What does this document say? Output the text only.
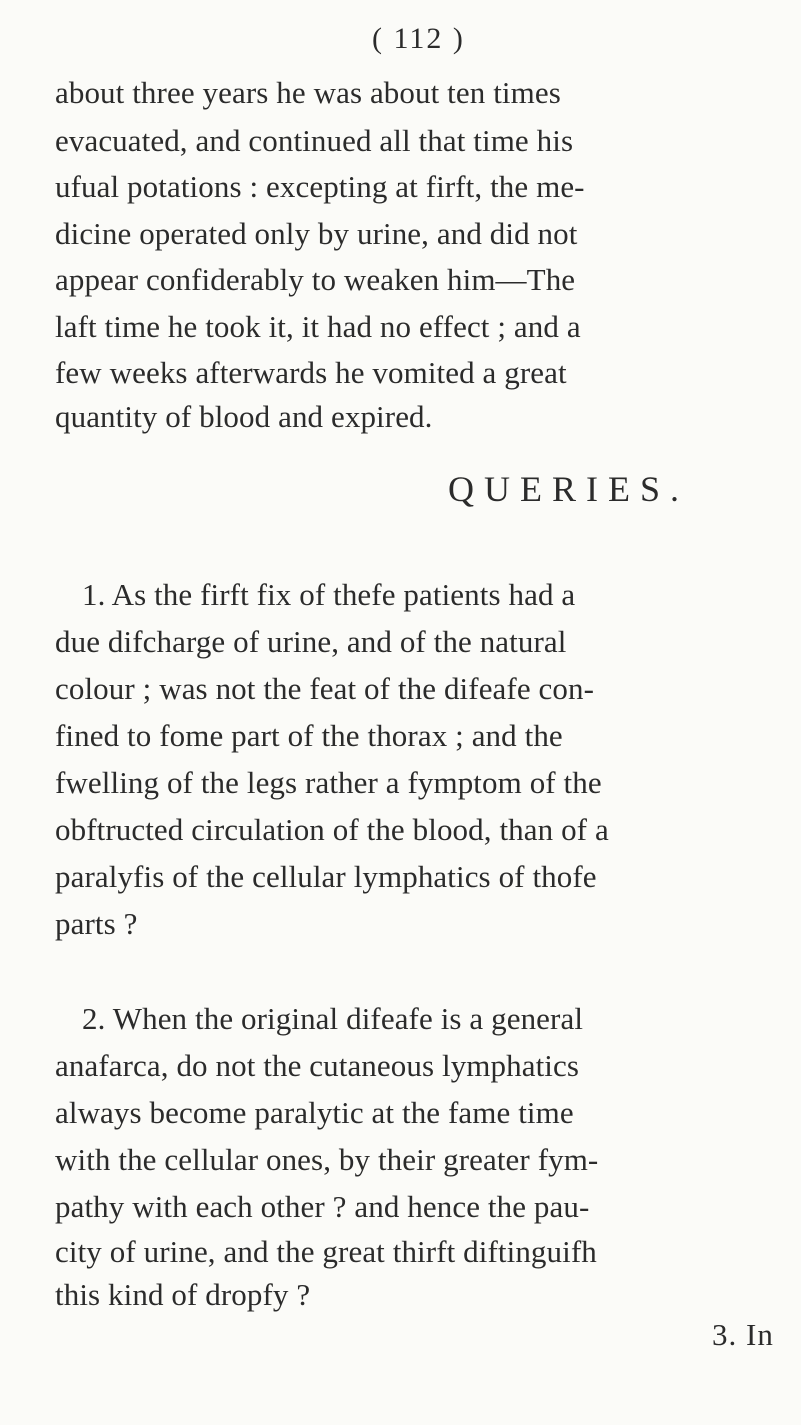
( 112 )
about three years he was about ten times
evacuated, and continued all that time his
ufual potations : excepting at firft, the me-
dicine operated only by urine, and did not
appear confiderably to weaken him—The
laft time he took it, it had no effect ; and a
few weeks afterwards he vomited a great
quantity of blood and expired.
QUERIES.
1. As the firft fix of thefe patients had a
due difcharge of urine, and of the natural
colour ; was not the feat of the difeafe con-
fined to fome part of the thorax ; and the
fwelling of the legs rather a fymptom of the
obftructed circulation of the blood, than of a
paralyfis of the cellular lymphatics of thofe
parts ?
2. When the original difeafe is a general
anafarca, do not the cutaneous lymphatics
always become paralytic at the fame time
with the cellular ones, by their greater fym-
pathy with each other ? and hence the pau-
city of urine, and the great thirft diftinguifh
this kind of dropfy ?
3. In
